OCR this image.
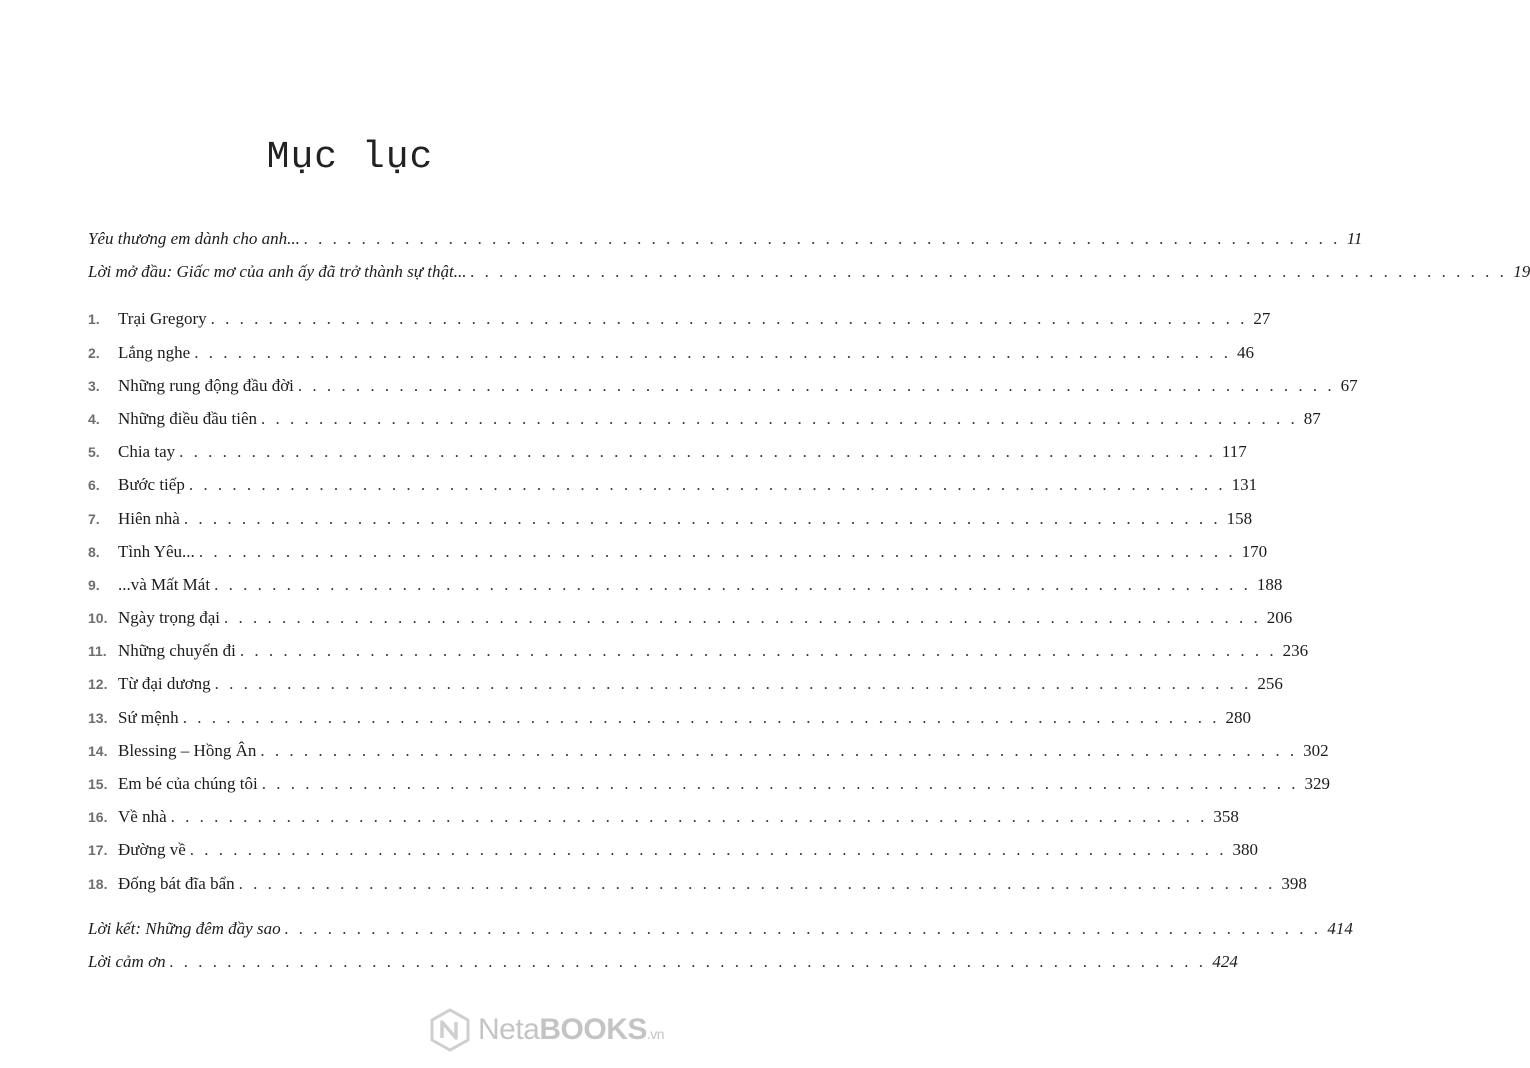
Mục lục
Yêu thương em dành cho anh... . . . . . . . . . . . . . . . . . . . . . . . . . . . . . . . . . . . . . . . . . . . . . . . . . . . . . . . . . . . . . . . . . . . . . . . . 11
Lời mở đầu: Giấc mơ của anh ấy đã trở thành sự thật... . . . . . . . . . . . . . . . . . . . . . . . . . . . . . . . . . . . . . . . . . . . . . . . . . . . . . . . . . . . . . . . . . . . . . . . . 19
1.	Trại Gregory . . . . . . . . . . . . . . . . . . . . . . . . . . . . . . . . . . . . . . . . . . . . . . . . . . . . . . . . . . . . . . . . . . . . . . . . 27
2.	Lắng nghe . . . . . . . . . . . . . . . . . . . . . . . . . . . . . . . . . . . . . . . . . . . . . . . . . . . . . . . . . . . . . . . . . . . . . . . . 46
3.	Những rung động đầu đời . . . . . . . . . . . . . . . . . . . . . . . . . . . . . . . . . . . . . . . . . . . . . . . . . . . . . . . . . . . . . . . . . . . . . . . . 67
4.	Những điều đầu tiên . . . . . . . . . . . . . . . . . . . . . . . . . . . . . . . . . . . . . . . . . . . . . . . . . . . . . . . . . . . . . . . . . . . . . . . . 87
5.	Chia tay . . . . . . . . . . . . . . . . . . . . . . . . . . . . . . . . . . . . . . . . . . . . . . . . . . . . . . . . . . . . . . . . . . . . . . . . 117
6.	Bước tiếp . . . . . . . . . . . . . . . . . . . . . . . . . . . . . . . . . . . . . . . . . . . . . . . . . . . . . . . . . . . . . . . . . . . . . . . . 131
7.	Hiên nhà . . . . . . . . . . . . . . . . . . . . . . . . . . . . . . . . . . . . . . . . . . . . . . . . . . . . . . . . . . . . . . . . . . . . . . . . 158
8.	Tình Yêu... . . . . . . . . . . . . . . . . . . . . . . . . . . . . . . . . . . . . . . . . . . . . . . . . . . . . . . . . . . . . . . . . . . . . . . . . 170
9.	...và Mất Mát . . . . . . . . . . . . . . . . . . . . . . . . . . . . . . . . . . . . . . . . . . . . . . . . . . . . . . . . . . . . . . . . . . . . . . . . 188
10. Ngày trọng đại . . . . . . . . . . . . . . . . . . . . . . . . . . . . . . . . . . . . . . . . . . . . . . . . . . . . . . . . . . . . . . . . . . . . . . . . 206
11. Những chuyến đi . . . . . . . . . . . . . . . . . . . . . . . . . . . . . . . . . . . . . . . . . . . . . . . . . . . . . . . . . . . . . . . . . . . . . . . . 236
12. Từ đại dương . . . . . . . . . . . . . . . . . . . . . . . . . . . . . . . . . . . . . . . . . . . . . . . . . . . . . . . . . . . . . . . . . . . . . . . . 256
13. Sứ mệnh . . . . . . . . . . . . . . . . . . . . . . . . . . . . . . . . . . . . . . . . . . . . . . . . . . . . . . . . . . . . . . . . . . . . . . . . 280
14. Blessing – Hồng Ân . . . . . . . . . . . . . . . . . . . . . . . . . . . . . . . . . . . . . . . . . . . . . . . . . . . . . . . . . . . . . . . . . . . . . . . . 302
15. Em bé của chúng tôi . . . . . . . . . . . . . . . . . . . . . . . . . . . . . . . . . . . . . . . . . . . . . . . . . . . . . . . . . . . . . . . . . . . . . . . . 329
16. Về nhà . . . . . . . . . . . . . . . . . . . . . . . . . . . . . . . . . . . . . . . . . . . . . . . . . . . . . . . . . . . . . . . . . . . . . . . . 358
17. Đường về . . . . . . . . . . . . . . . . . . . . . . . . . . . . . . . . . . . . . . . . . . . . . . . . . . . . . . . . . . . . . . . . . . . . . . . . 380
18. Đống bát đĩa bẩn . . . . . . . . . . . . . . . . . . . . . . . . . . . . . . . . . . . . . . . . . . . . . . . . . . . . . . . . . . . . . . . . . . . . . . . . 398
Lời kết: Những đêm đầy sao . . . . . . . . . . . . . . . . . . . . . . . . . . . . . . . . . . . . . . . . . . . . . . . . . . . . . . . . . . . . . . . . . . . . . . . . 414
Lời cảm ơn . . . . . . . . . . . . . . . . . . . . . . . . . . . . . . . . . . . . . . . . . . . . . . . . . . . . . . . . . . . . . . . . . . . . . . . . 424
NetaBOOKS.vn
